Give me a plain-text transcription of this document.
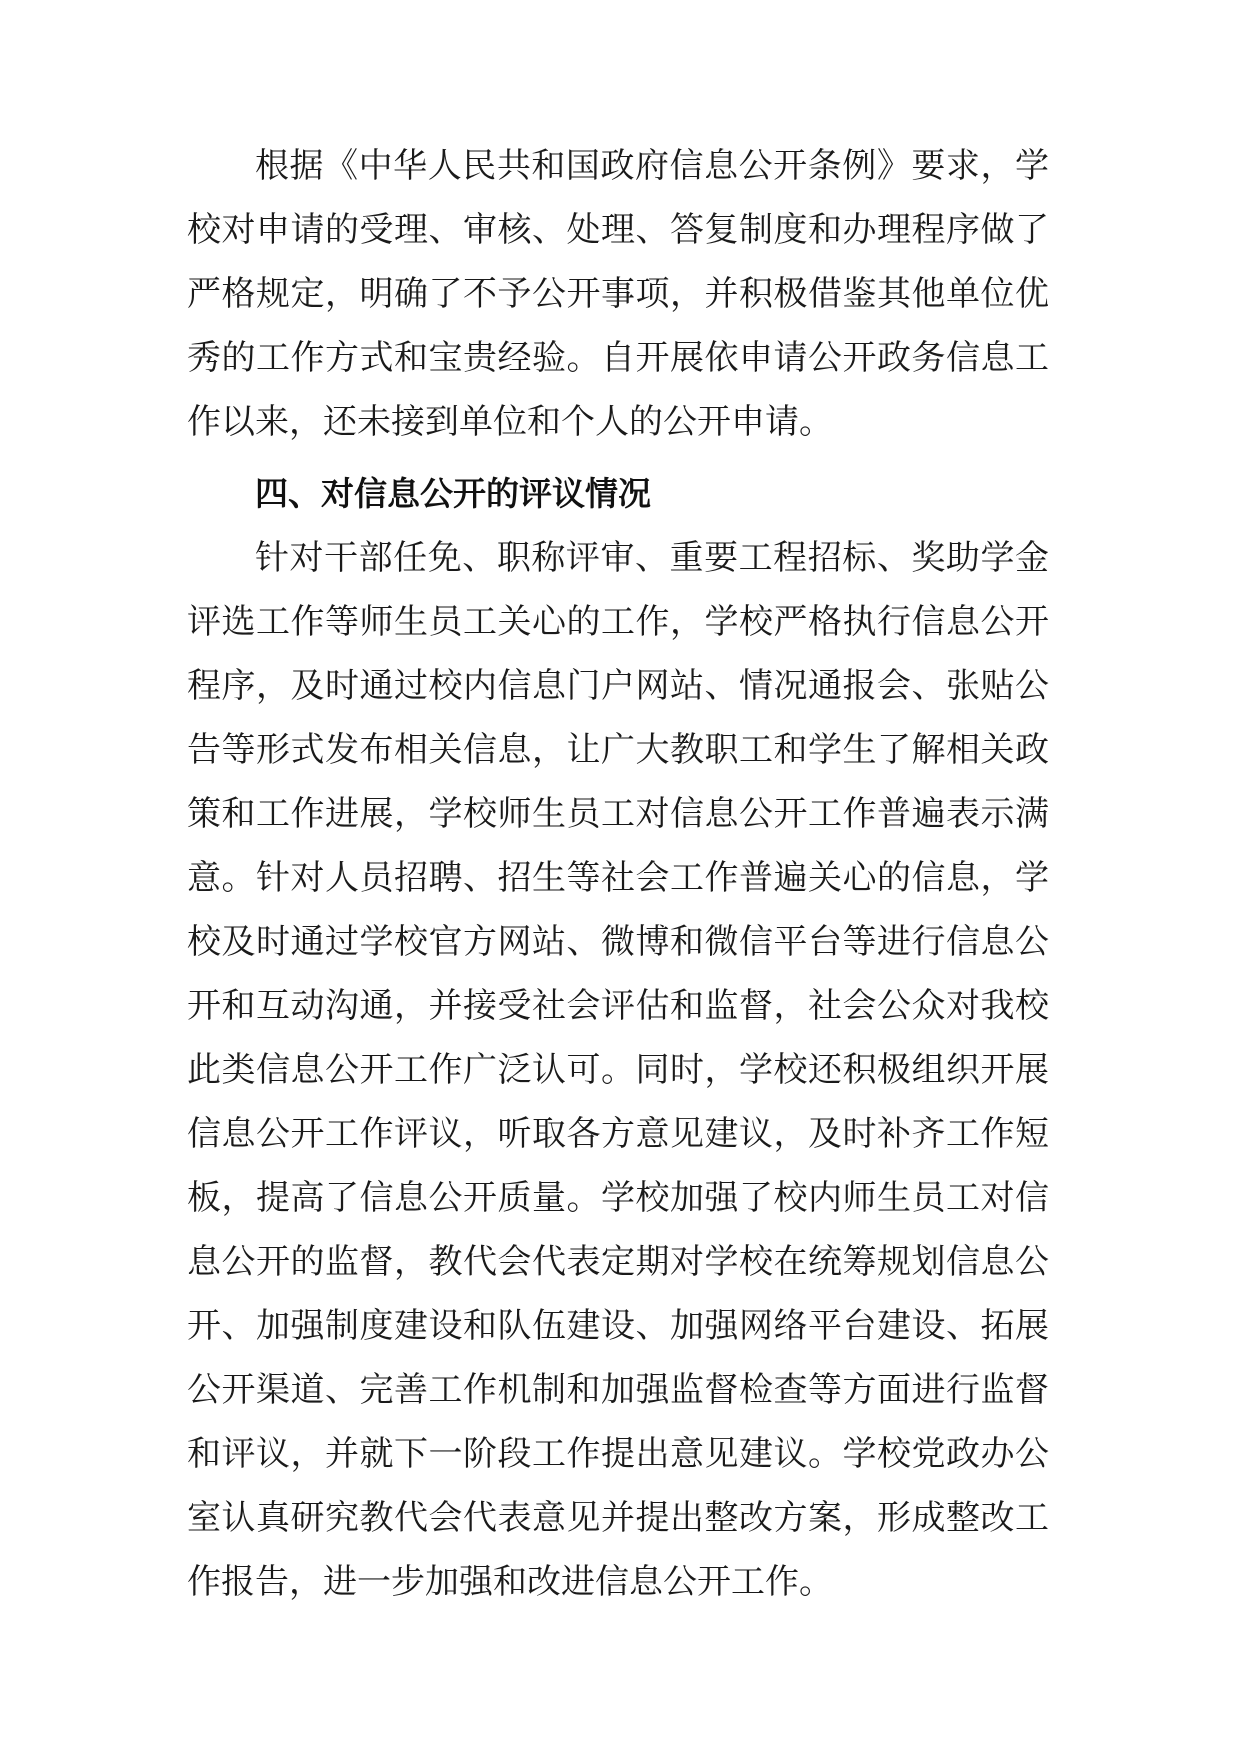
根据《中华人民共和国政府信息公开条例》要求，学
校对申请的受理、审核、处理、答复制度和办理程序做了
严格规定，明确了不予公开事项，并积极借鉴其他单位优
秀的工作方式和宝贵经验。自开展依申请公开政务信息工
作以来，还未接到单位和个人的公开申请。
四、对信息公开的评议情况
针对干部任免、职称评审、重要工程招标、奖助学金
评选工作等师生员工关心的工作，学校严格执行信息公开
程序，及时通过校内信息门户网站、情况通报会、张贴公
告等形式发布相关信息，让广大教职工和学生了解相关政
策和工作进展，学校师生员工对信息公开工作普遍表示满
意。针对人员招聘、招生等社会工作普遍关心的信息，学
校及时通过学校官方网站、微博和微信平台等进行信息公
开和互动沟通，并接受社会评估和监督，社会公众对我校
此类信息公开工作广泛认可。同时，学校还积极组织开展
信息公开工作评议，听取各方意见建议，及时补齐工作短
板，提高了信息公开质量。学校加强了校内师生员工对信
息公开的监督，教代会代表定期对学校在统筹规划信息公
开、加强制度建设和队伍建设、加强网络平台建设、拓展
公开渠道、完善工作机制和加强监督检查等方面进行监督
和评议，并就下一阶段工作提出意见建议。学校党政办公
室认真研究教代会代表意见并提出整改方案，形成整改工
作报告，进一步加强和改进信息公开工作。
